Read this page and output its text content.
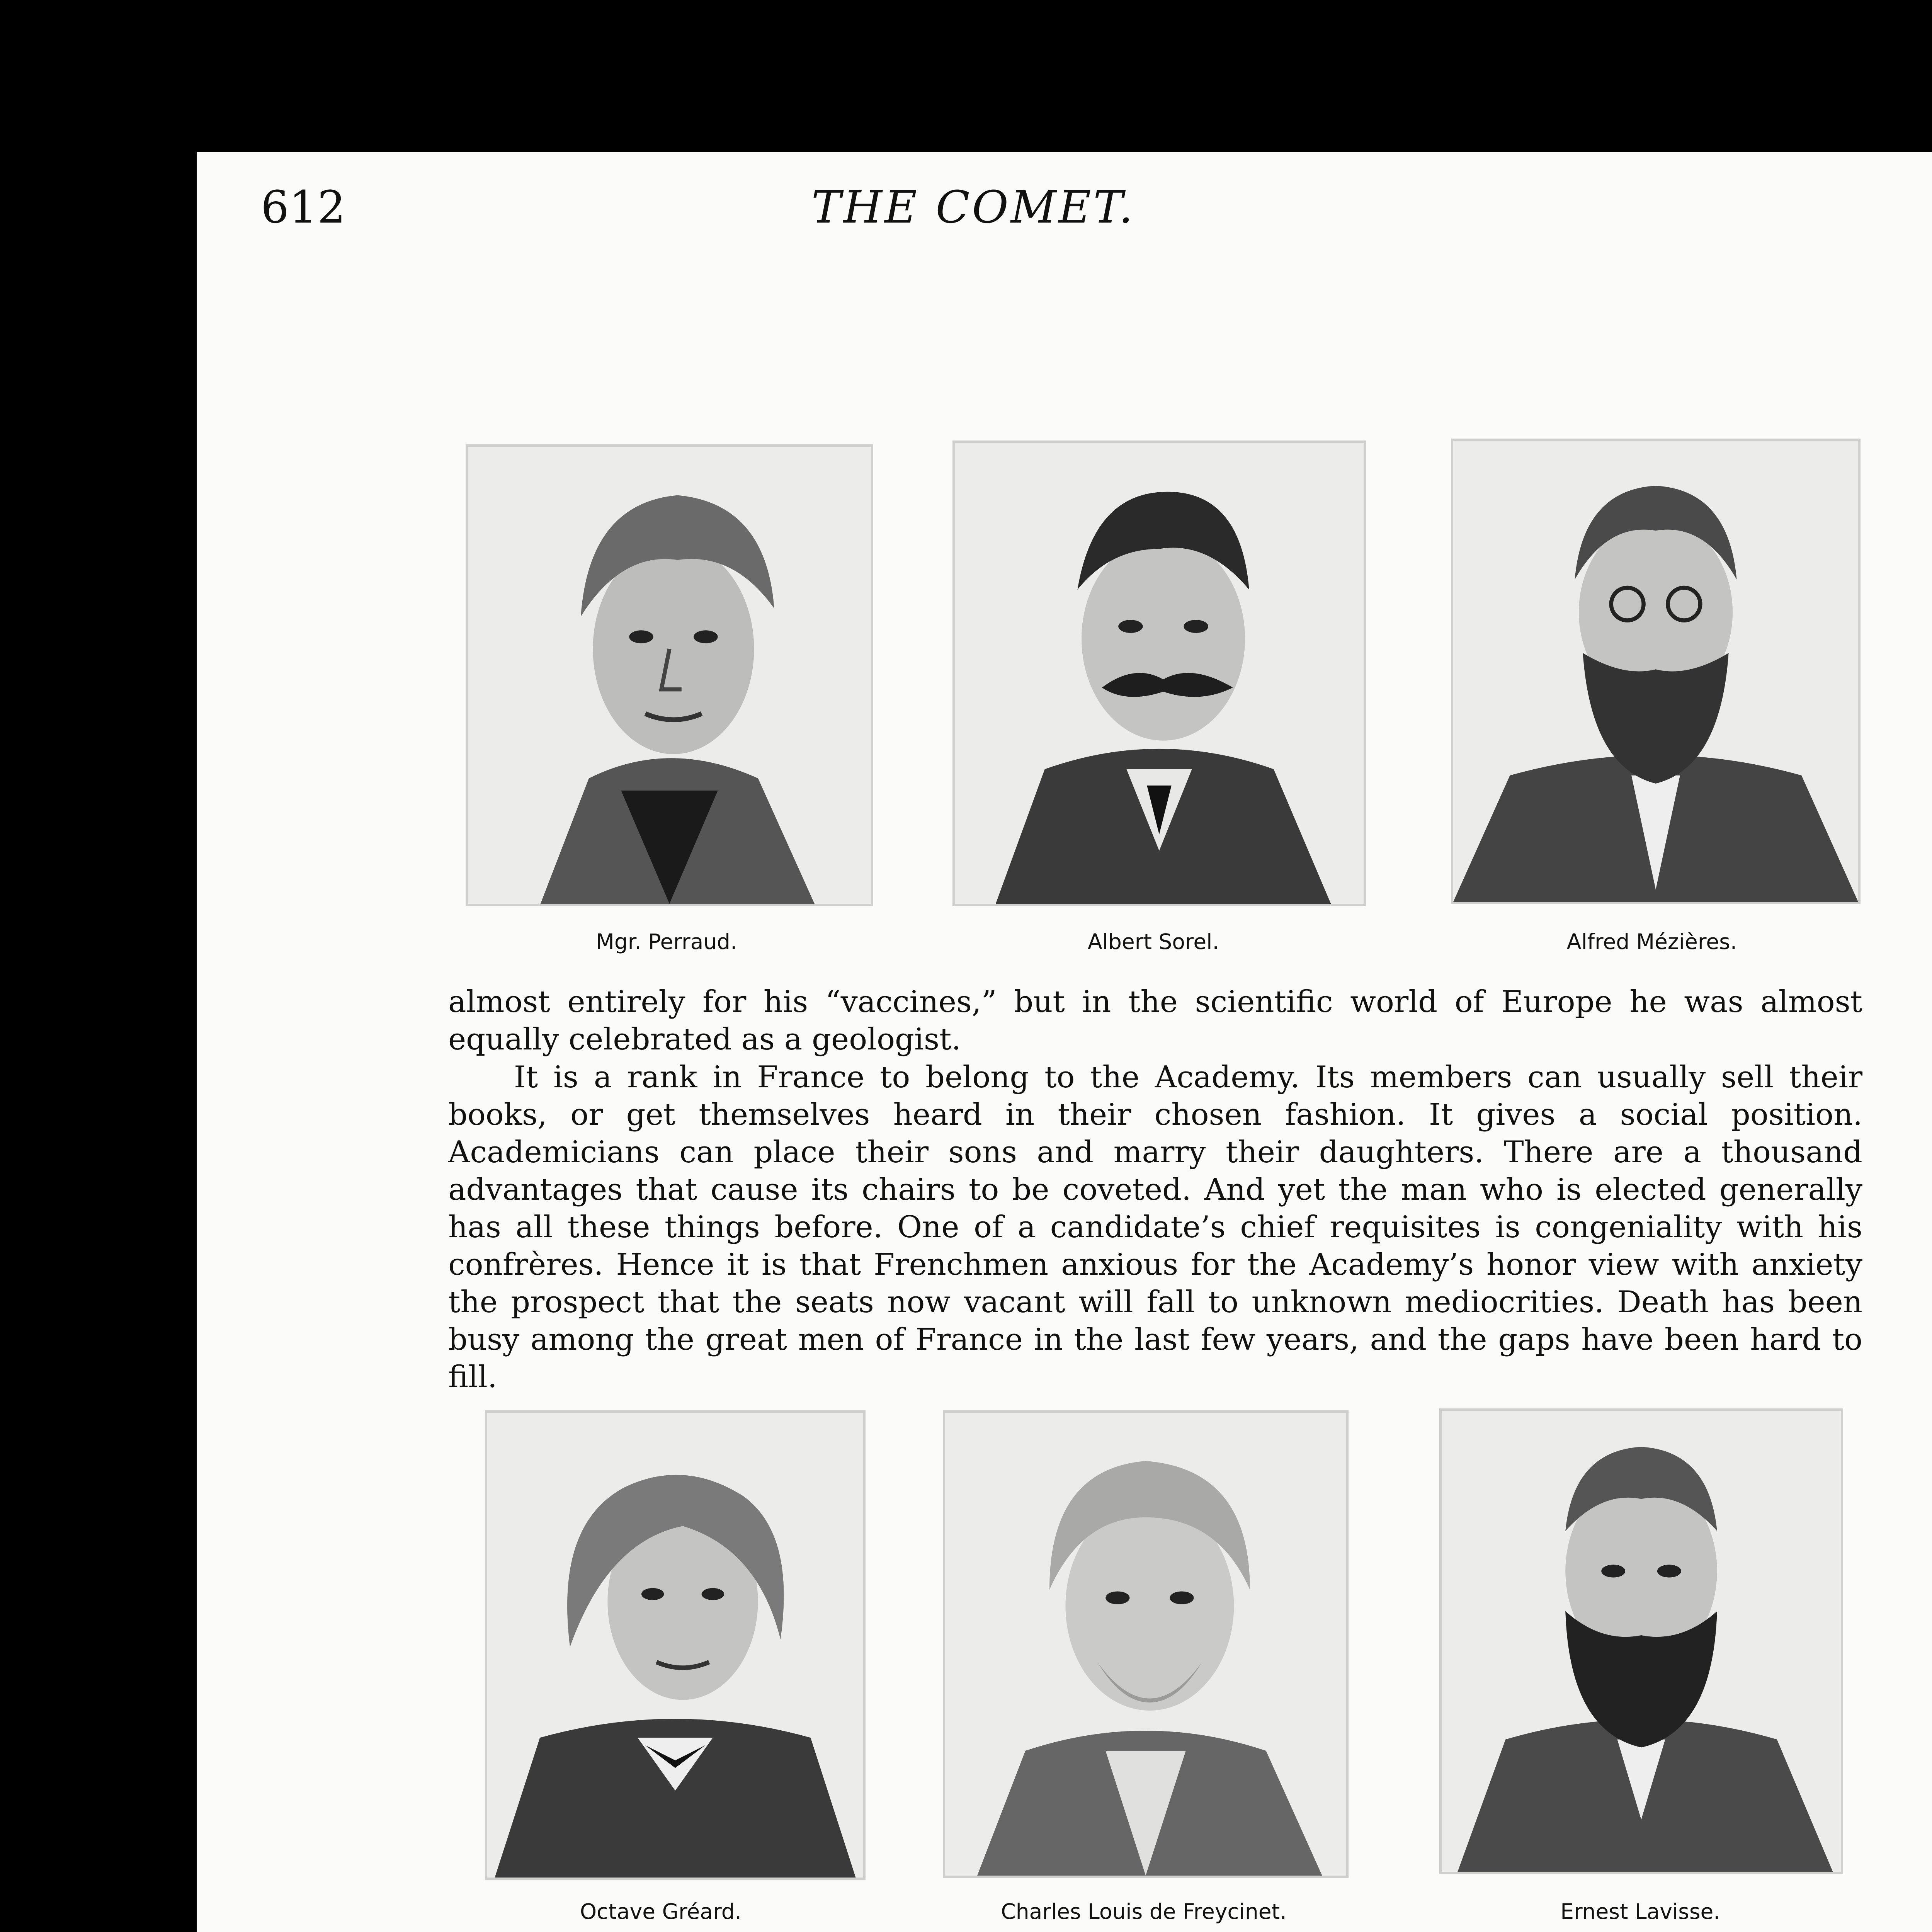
612	THE COMET.
Mgr. Perraud.	Albert Sorel.	Alfred Mézières.

almost entirely for his “vaccines,” but in the scientific world of Europe he was almost equally celebrated as a geologist.

It is a rank in France to belong to the Academy. Its members can usually sell their books, or get themselves heard in their chosen fashion. It gives a social position. Academicians can place their sons and marry their daughters. There are a thousand advantages that cause its chairs to be coveted. And yet the man who is elected generally has all these things before. One of a candidate’s chief requisites is congeniality with his confrères. Hence it is that Frenchmen anxious for the Academy’s honor view with anxiety the prospect that the seats now vacant will fall to unknown mediocrities. Death has been busy among the great men of France in the last few years, and the gaps have been hard to fill.

Octave Gréard.	Charles Louis de Freycinet.	Ernest Lavisse.
